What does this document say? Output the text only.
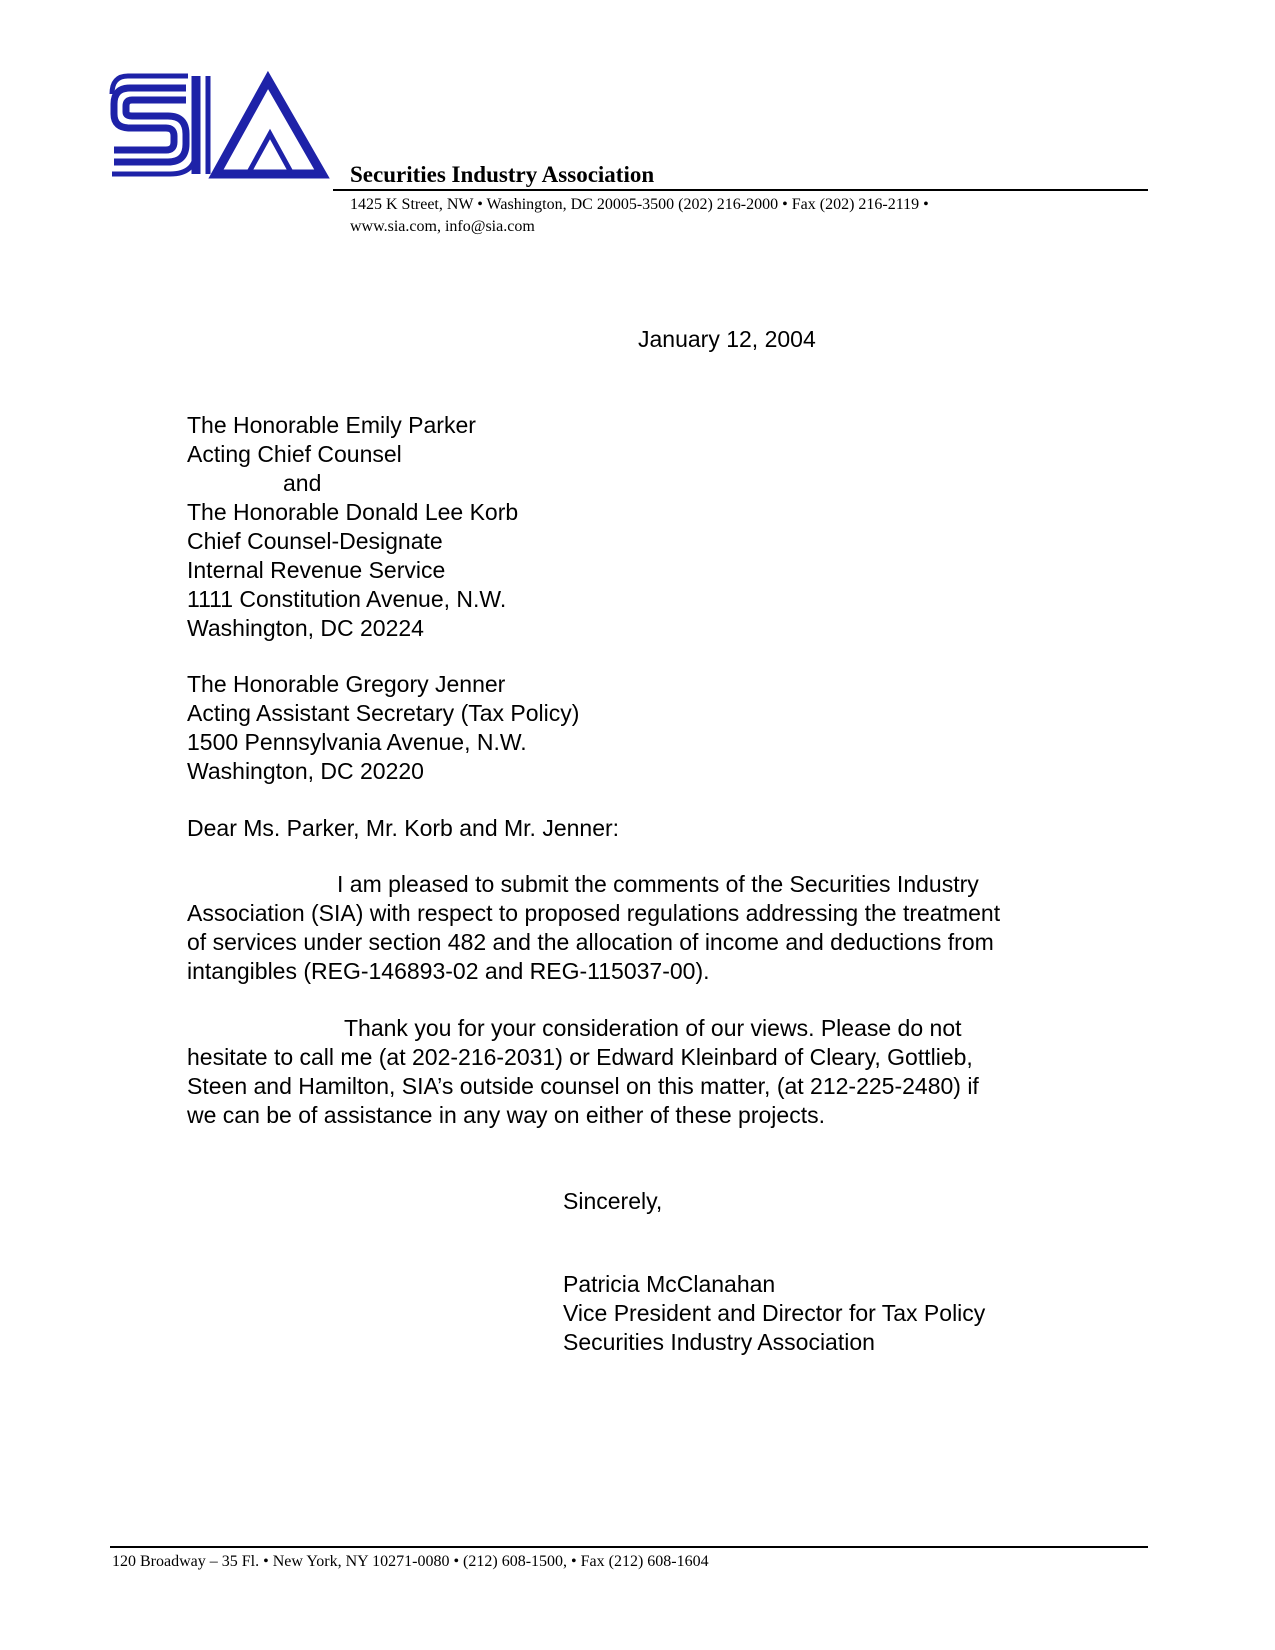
SIA
Securities Industry Association
1425 K Street, NW • Washington, DC 20005-3500 (202) 216-2000 • Fax (202) 216-2119 •
www.sia.com, info@sia.com
January 12, 2004
The Honorable Emily Parker
Acting Chief Counsel
and
The Honorable Donald Lee Korb
Chief Counsel-Designate
Internal Revenue Service
1111 Constitution Avenue, N.W.
Washington, DC 20224
The Honorable Gregory Jenner
Acting Assistant Secretary (Tax Policy)
1500 Pennsylvania Avenue, N.W.
Washington, DC 20220
Dear Ms. Parker, Mr. Korb and Mr. Jenner:
I am pleased to submit the comments of the Securities Industry
Association (SIA) with respect to proposed regulations addressing the treatment
of services under section 482 and the allocation of income and deductions from
intangibles (REG-146893-02 and REG-115037-00).
Thank you for your consideration of our views. Please do not
hesitate to call me (at 202-216-2031) or Edward Kleinbard of Cleary, Gottlieb,
Steen and Hamilton, SIA’s outside counsel on this matter, (at 212-225-2480) if
we can be of assistance in any way on either of these projects.
Sincerely,
Patricia McClanahan
Vice President and Director for Tax Policy
Securities Industry Association
120 Broadway – 35 Fl. • New York, NY 10271-0080 • (212) 608-1500, • Fax (212) 608-1604
